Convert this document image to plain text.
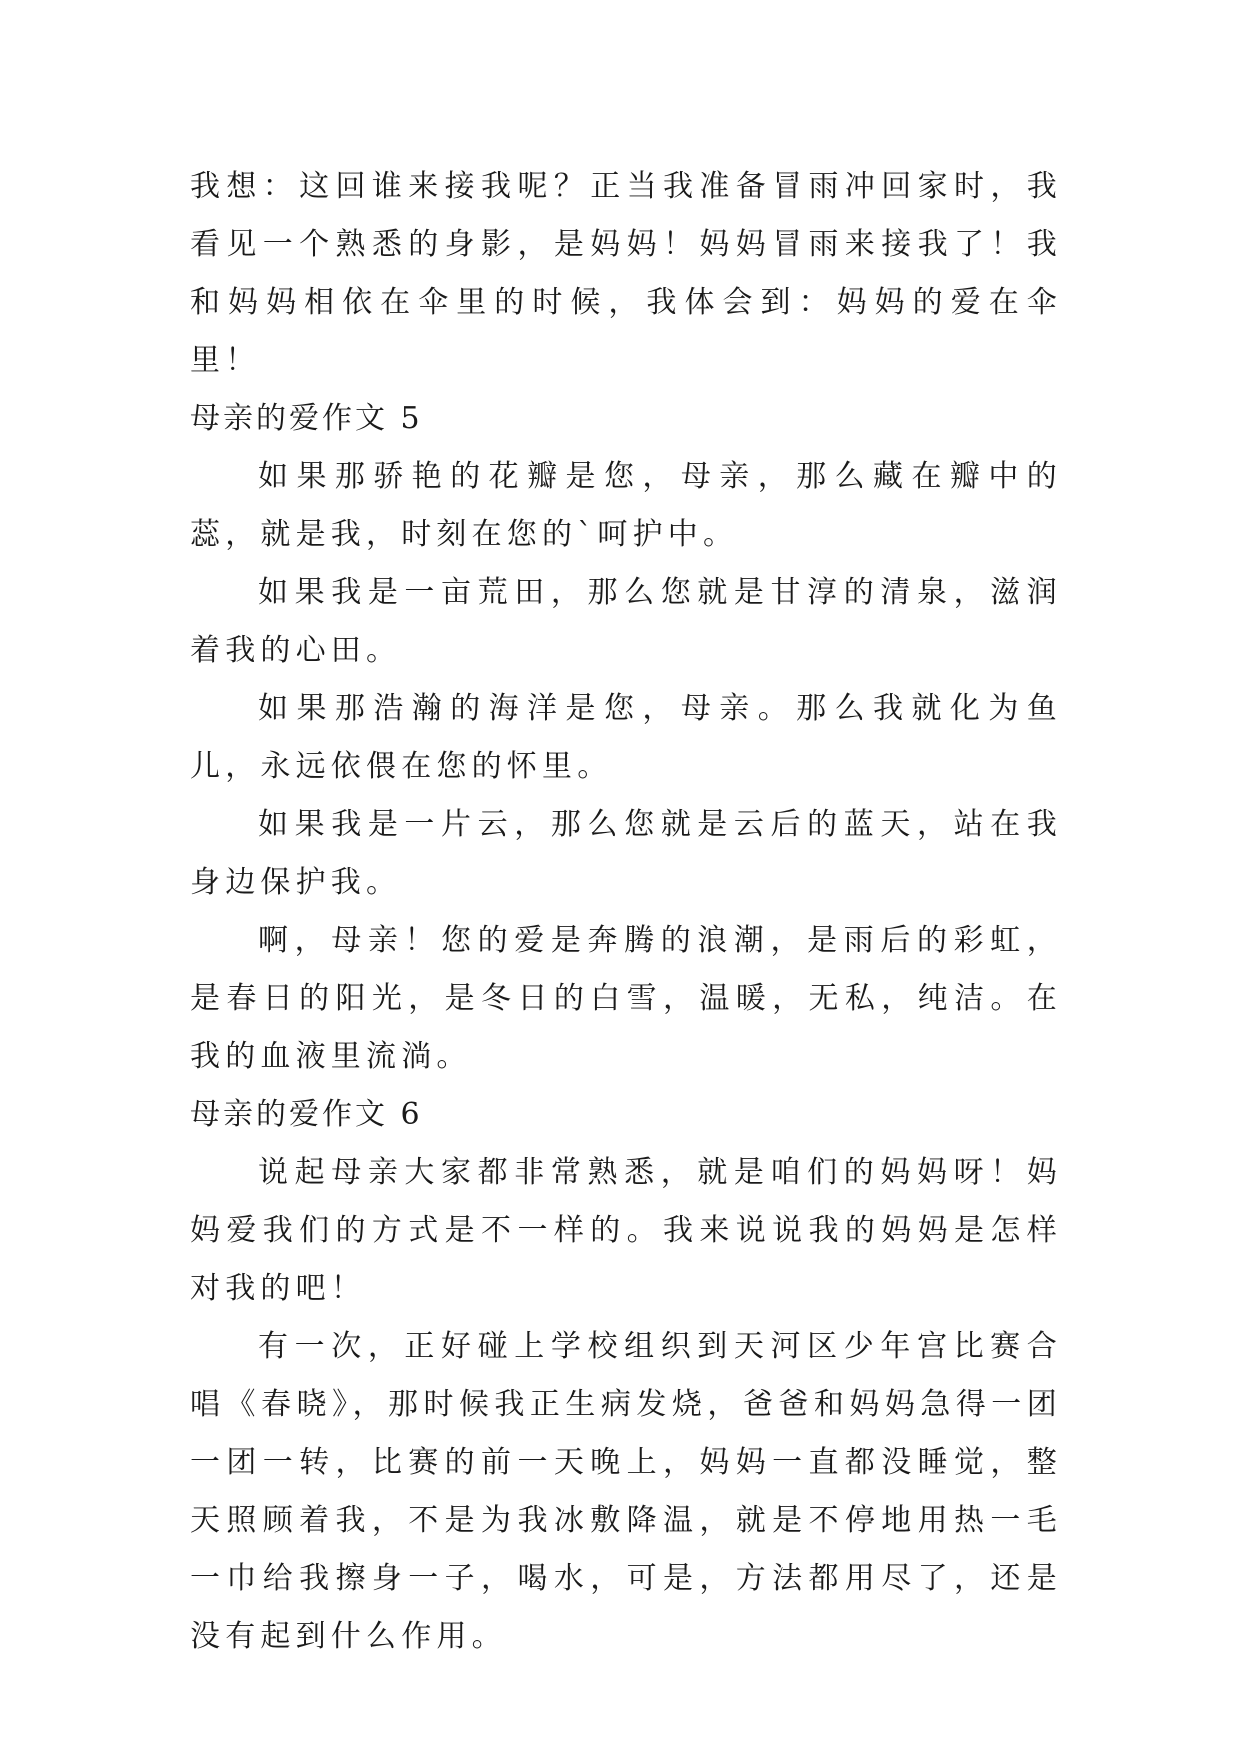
我想：这回谁来接我呢？正当我准备冒雨冲回家时，我看见一个熟悉的身影，是妈妈！妈妈冒雨来接我了！我和妈妈相依在伞里的时候，我体会到：妈妈的爱在伞里！

母亲的爱作文 5

如果那骄艳的花瓣是您，母亲，那么藏在瓣中的蕊，就是我，时刻在您的`呵护中。

如果我是一亩荒田，那么您就是甘淳的清泉，滋润着我的心田。

如果那浩瀚的海洋是您，母亲。那么我就化为鱼儿，永远依偎在您的怀里。

如果我是一片云，那么您就是云后的蓝天，站在我身边保护我。

啊，母亲！您的爱是奔腾的浪潮，是雨后的彩虹，是春日的阳光，是冬日的白雪，温暖，无私，纯洁。在我的血液里流淌。

母亲的爱作文 6

说起母亲大家都非常熟悉，就是咱们的妈妈呀！妈妈爱我们的方式是不一样的。我来说说我的妈妈是怎样对我的吧！

有一次，正好碰上学校组织到天河区少年宫比赛合唱《春晓》，那时候我正生病发烧，爸爸和妈妈急得一团一团一转，比赛的前一天晚上，妈妈一直都没睡觉，整天照顾着我，不是为我冰敷降温，就是不停地用热一毛一巾给我擦身一子，喝水，可是，方法都用尽了，还是没有起到什么作用。
